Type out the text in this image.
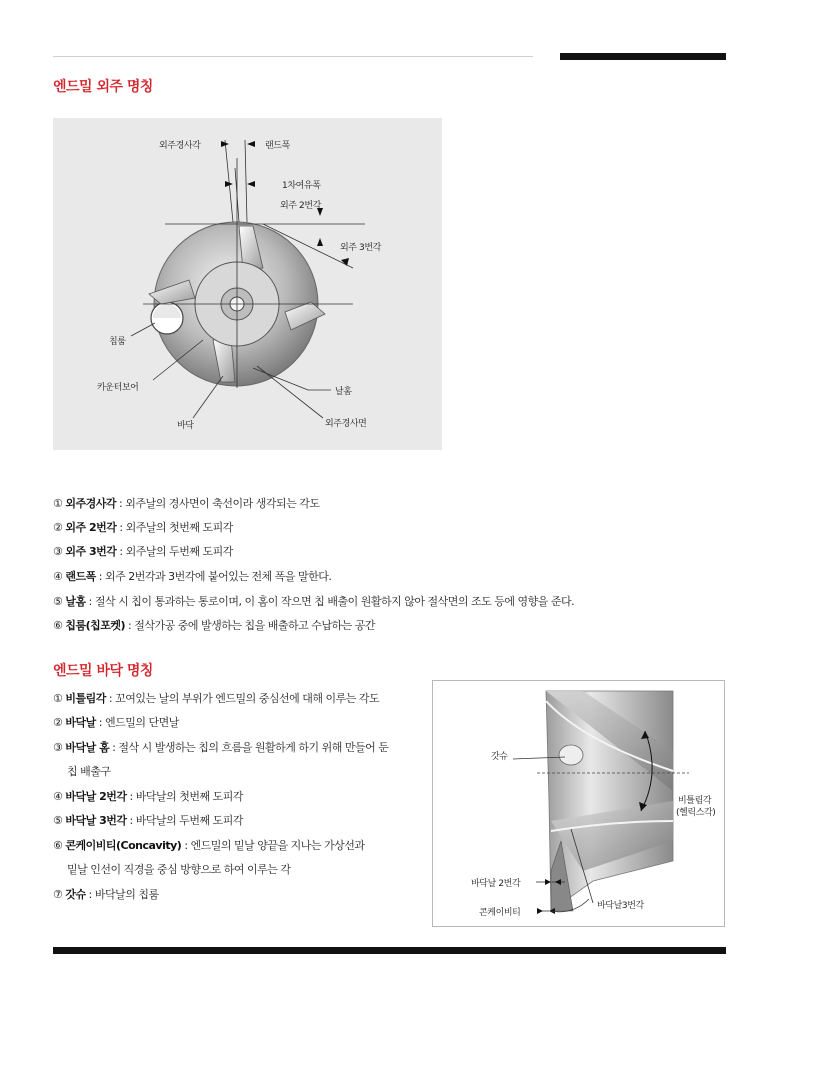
엔드밀 외주 명칭
외주경사각	랜드폭
1차여유폭
외주 2번각
외주 3번각
칩룸
카운터보어	날홈
바닥	외주경사면
① 외주경사각 : 외주날의 경사면이 축선이라 생각되는 각도
② 외주 2번각 : 외주날의 첫번째 도피각
③ 외주 3번각 : 외주날의 두번째 도피각
④ 랜드폭 : 외주 2번각과 3번각에 붙어있는 전체 폭을 말한다.
⑤ 날홈 : 절삭 시 칩이 통과하는 통로이며, 이 홈이 작으면 칩 배출이 원활하지 않아 절삭면의 조도 등에 영향을 준다.
⑥ 칩룸(칩포켓) : 절삭가공 중에 발생하는 칩을 배출하고 수납하는 공간
엔드밀 바닥 명칭
① 비틀림각 : 꼬여있는 날의 부위가 엔드밀의 중심선에 대해 이루는 각도
② 바닥날 : 엔드밀의 단면날
③ 바닥날 홈 : 절삭 시 발생하는 칩의 흐름을 원활하게 하기 위해 만들어 둔
칩 배출구
④ 바닥날 2번각 : 바닥날의 첫번째 도피각
⑤ 바닥날 3번각 : 바닥날의 두번째 도피각
⑥ 콘케이비티(Concavity) : 엔드밀의 밑날 양끝을 지나는 가상선과
밑날 인선이 직경을 중심 방향으로 하여 이루는 각
⑦ 갓슈 : 바닥날의 칩룸
갓슈
비틀림각
(헬릭스각)
바닥날 2번각
콘케이비티
바닥날3번각
